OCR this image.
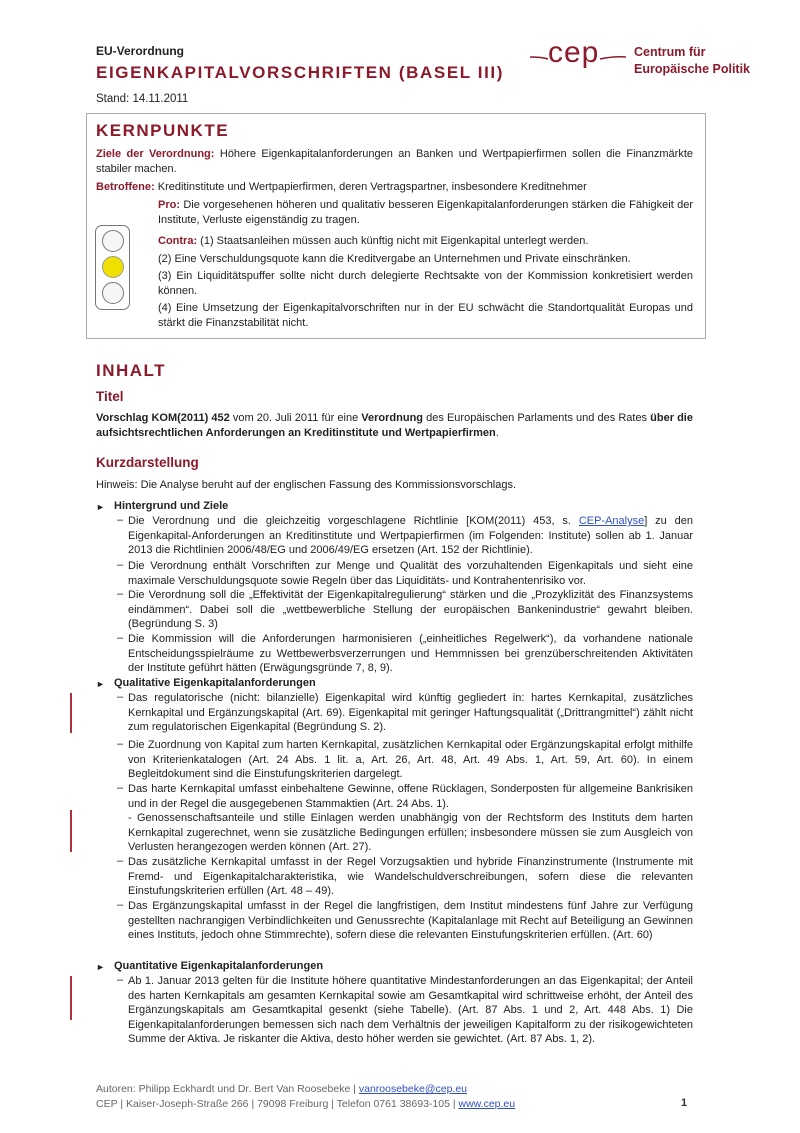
EU-Verordnung
EIGENKAPITALVORSCHRIFTEN (BASEL III)
Stand: 14.11.2011
cep	Centrum für
Europäische Politik
KERNPUNKTE

Ziele der Verordnung: Höhere Eigenkapitalanforderungen an Banken und Wertpapierfirmen sollen die Finanzmärkte stabiler machen.

Betroffene: Kreditinstitute und Wertpapierfirmen, deren Vertragspartner, insbesondere Kreditnehmer

Pro: Die vorgesehenen höheren und qualitativ besseren Eigenkapitalanforderungen stärken die Fähigkeit der Institute, Verluste eigenständig zu tragen.

Contra: (1) Staatsanleihen müssen auch künftig nicht mit Eigenkapital unterlegt werden.

(2) Eine Verschuldungsquote kann die Kreditvergabe an Unternehmen und Private einschränken.

(3) Ein Liquiditätspuffer sollte nicht durch delegierte Rechtsakte von der Kommission konkretisiert werden können.

(4) Eine Umsetzung der Eigenkapitalvorschriften nur in der EU schwächt die Standortqualität Europas und stärkt die Finanzstabilität nicht.

INHALT
Titel

Vorschlag KOM(2011) 452 vom 20. Juli 2011 für eine Verordnung des Europäischen Parlaments und des Rates über die aufsichtsrechtlichen Anforderungen an Kreditinstitute und Wertpapierfirmen.

Kurzdarstellung

Hinweis: Die Analyse beruht auf der englischen Fassung des Kommissionsvorschlags.

► Hintergrund und Ziele
– Die Verordnung und die gleichzeitig vorgeschlagene Richtlinie [KOM(2011) 453, s. CEP-Analyse] zu den Eigenkapital-Anforderungen an Kreditinstitute und Wertpapierfirmen (im Folgenden: Institute) sollen ab 1. Januar 2013 die Richtlinien 2006/48/EG und 2006/49/EG ersetzen (Art. 152 der Richtlinie).

– Die Verordnung enthält Vorschriften zur Menge und Qualität des vorzuhaltenden Eigenkapitals und sieht eine maximale Verschuldungsquote sowie Regeln über das Liquiditäts- und Kontrahentenrisiko vor.

– Die Verordnung soll die „Effektivität der Eigenkapitalregulierung“ stärken und die „Prozyklizität des Finanzsystems eindämmen“. Dabei soll die „wettbewerbliche Stellung der europäischen Bankenindustrie“ gewahrt bleiben. (Begründung S. 3)

– Die Kommission will die Anforderungen harmonisieren („einheitliches Regelwerk“), da vorhandene nationale Entscheidungsspielräume zu Wettbewerbsverzerrungen und Hemmnissen bei grenzüberschreitenden Aktivitäten der Institute geführt hätten (Erwägungsgründe 7, 8, 9).

► Qualitative Eigenkapitalanforderungen
– Das regulatorische (nicht: bilanzielle) Eigenkapital wird künftig gegliedert in: hartes Kernkapital, zusätzliches Kernkapital und Ergänzungskapital (Art. 69). Eigenkapital mit geringer Haftungsqualität („Drittrangmittel“) zählt nicht zum regulatorischen Eigenkapital (Begründung S. 2).

– Die Zuordnung von Kapital zum harten Kernkapital, zusätzlichen Kernkapital oder Ergänzungskapital erfolgt mithilfe von Kriterienkatalogen (Art. 24 Abs. 1 lit. a, Art. 26, Art. 48, Art. 49 Abs. 1, Art. 59, Art. 60). In einem Begleitdokument sind die Einstufungskriterien dargelegt.

– Das harte Kernkapital umfasst einbehaltene Gewinne, offene Rücklagen, Sonderposten für allgemeine Bankrisiken und in der Regel die ausgegebenen Stammaktien (Art. 24 Abs. 1).

- Genossenschaftsanteile und stille Einlagen werden unabhängig von der Rechtsform des Instituts dem harten Kernkapital zugerechnet, wenn sie zusätzliche Bedingungen erfüllen; insbesondere müssen sie zum Ausgleich von Verlusten herangezogen werden können (Art. 27).

– Das zusätzliche Kernkapital umfasst in der Regel Vorzugsaktien und hybride Finanzinstrumente (Instrumente mit Fremd- und Eigenkapitalcharakteristika, wie Wandelschuldverschreibungen, sofern diese die relevanten Einstufungskriterien erfüllen (Art. 48 – 49).

– Das Ergänzungskapital umfasst in der Regel die langfristigen, dem Institut mindestens fünf Jahre zur Verfügung gestellten nachrangigen Verbindlichkeiten und Genussrechte (Kapitalanlage mit Recht auf Beteiligung an Gewinnen eines Instituts, jedoch ohne Stimmrechte), sofern diese die relevanten Einstufungskriterien erfüllen. (Art. 60)

► Quantitative Eigenkapitalanforderungen
– Ab 1. Januar 2013 gelten für die Institute höhere quantitative Mindestanforderungen an das Eigenkapital; der Anteil des harten Kernkapitals am gesamten Kernkapital sowie am Gesamtkapital wird schrittweise erhöht, der Anteil des Ergänzungskapitals am Gesamtkapital gesenkt (siehe Tabelle). (Art. 87 Abs. 1 und 2, Art. 448 Abs. 1) Die Eigenkapitalanforderungen bemessen sich nach dem Verhältnis der jeweiligen Kapitalform zu der risikogewichteten Summe der Aktiva. Je riskanter die Aktiva, desto höher werden sie gewichtet. (Art. 87 Abs. 1, 2).

Autoren: Philipp Eckhardt und Dr. Bert Van Roosebeke | vanroosebeke@cep.eu
CEP | Kaiser-Joseph-Straße 266 | 79098 Freiburg | Telefon 0761 38693-105 | www.cep.eu	1
